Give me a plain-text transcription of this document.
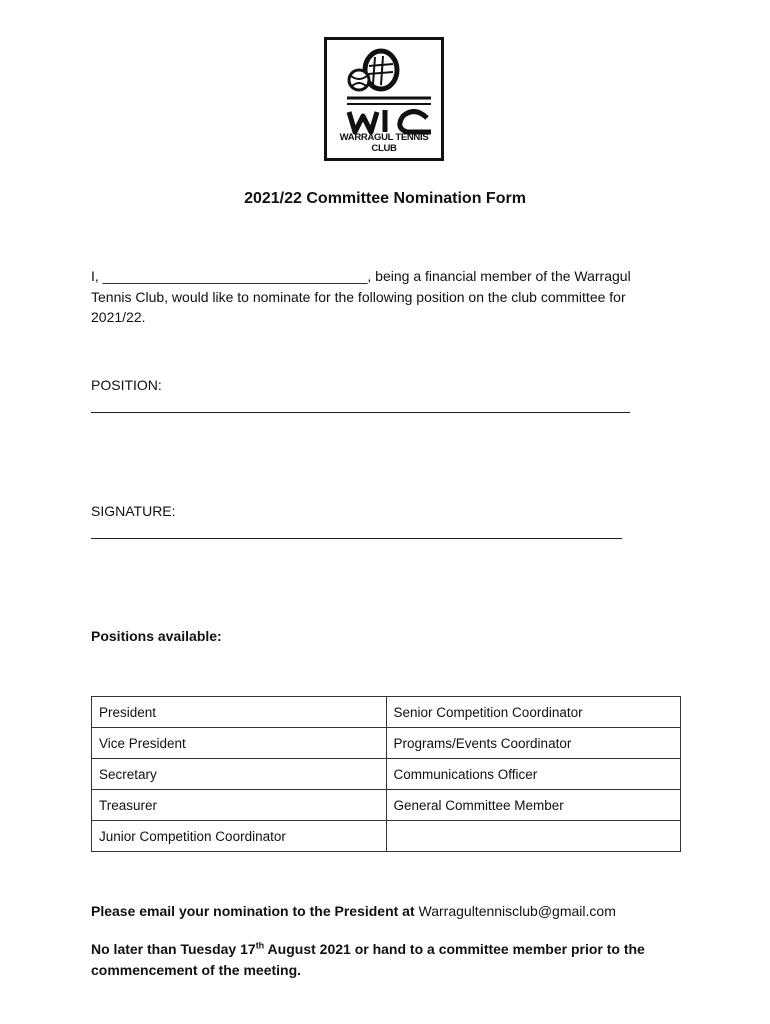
WARRAGUL TENNIS CLUB
2021/22 Committee Nomination Form
I, __________________________________, being a financial member of the Warragul Tennis Club, would like to nominate for the following position on the club committee for 2021/22.
POSITION:
SIGNATURE:
Positions available:
President	Senior Competition Coordinator
Vice President	Programs/Events Coordinator
Secretary	Communications Officer
Treasurer	General Committee Member
Junior Competition Coordinator	
Please email your nomination to the President at Warragultennisclub@gmail.com
No later than Tuesday 17th August 2021 or hand to a committee member prior to the commencement of the meeting.
